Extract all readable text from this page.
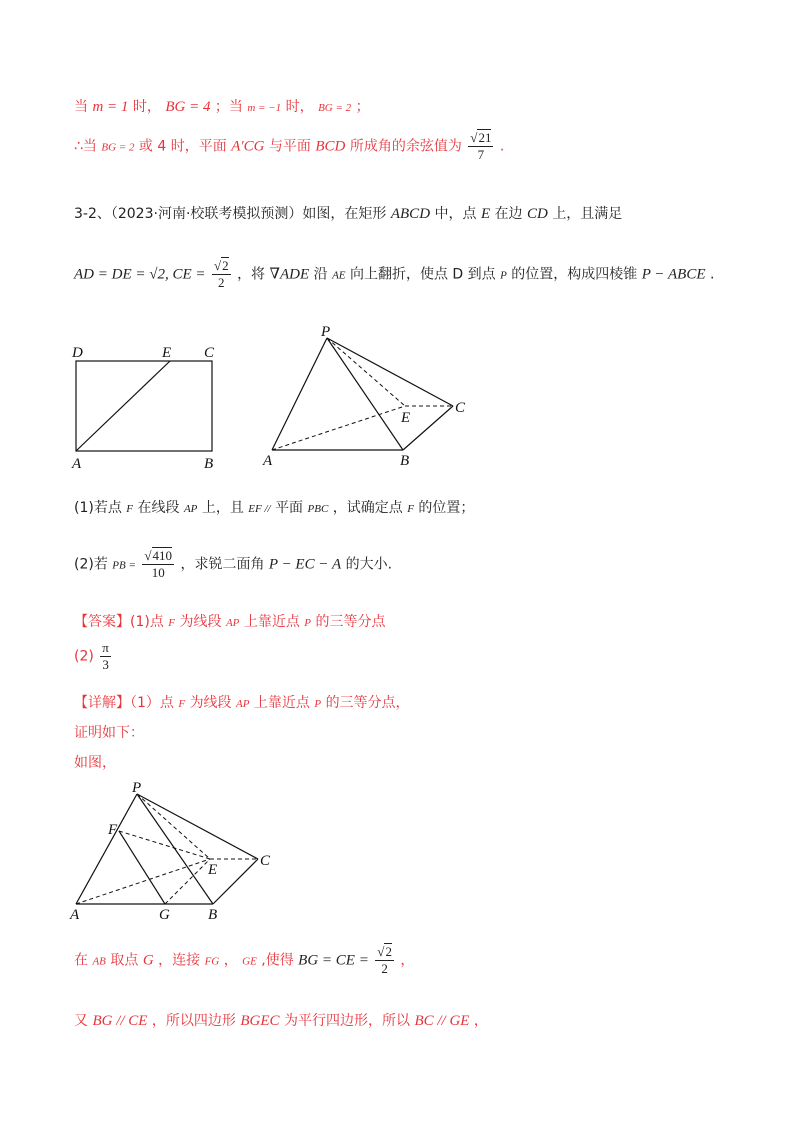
当 m = 1 时， BG = 4 ；当 m = −1 时， BG = 2 ；
∴当 BG = 2 或 4 时，平面 A′CG 与平面 BCD 所成角的余弦值为 $\frac{√21}{7}$ .
3-2、（2023·河南·校联考模拟预测）如图，在矩形 ABCD 中，点 E 在边 CD 上，且满足
AD = DE = √2, CE = $\frac{√2}{2}$ ，将 ∇ADE 沿 AE 向上翻折，使点 D 到点 P 的位置，构成四棱锥 P − ABCE .
D	E C
A	B
P
E
C
A	B
(1)若点 F 在线段 AP 上，且 EF // 平面 PBC ，试确定点 F 的位置；
(2)若 PB = $\frac{√410}{10}$ ，求锐二面角 P − EC − A 的大小.
【答案】(1)点 F 为线段 AP 上靠近点 P 的三等分点
$(2) \frac{\pi}{3}$
【详解】（1）点 F 为线段 AP 上靠近点 P 的三等分点，
证明如下：
如图，
P
F
E
C
A	G	B
在 AB 取点 G ，连接 FG ， GE ,使得 BG = CE = $\frac{√2}{2}$ ，
又 BG // CE ，所以四边形 BGEC 为平行四边形，所以 BC // GE ，
